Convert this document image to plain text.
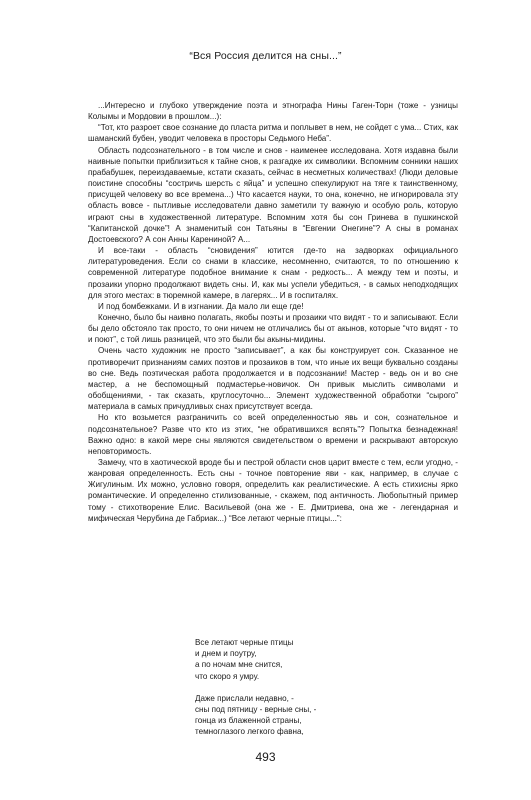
“Вся Россия делится на сны...”

...Интересно и глубоко утверждение поэта и этнографа Нины Гаген-Торн (тоже - узницы Колымы и Мордовии в прошлом...):

“Тот, кто разроет свое сознание до пласта ритма и поплывет в нем, не сойдет с ума... Стих, как шаманский бубен, уводит человека в просторы Седьмого Неба”.

Область подсознательного - в том числе и снов - наименее исследована. Хотя издавна были наивные попытки приблизиться к тайне снов, к разгадке их символики. Вспомним сонники наших прабабушек, переиздаваемые, кстати сказать, сейчас в несметных количествах! (Люди деловые поистине способны “состричь шерсть с яйца” и успешно спекулируют на тяге к таинственному, присущей человеку во все времена...) Что касается науки, то она, конечно, не игнорировала эту область вовсе - пытливые исследователи давно заметили ту важную и особую роль, которую играют сны в художественной литературе. Вспомним хотя бы сон Гринева в пушкинской “Капитанской дочке”! А знаменитый сон Татьяны в “Евгении Онегине”? А сны в романах Достоевского? А сон Анны Карениной? А...

И все-таки - область “сновидения” ютится где-то на задворках официального литературоведения. Если со снами в классике, несомненно, считаются, то по отношению к современной литературе подобное внимание к снам - редкость... А между тем и поэты, и прозаики упорно продолжают видеть сны. И, как мы успели убедиться, - в самых неподходящих для этого местах: в тюремной камере, в лагерях... И в госпиталях.

И под бомбежками. И в изгнании. Да мало ли еще где!

Конечно, было бы наивно полагать, якобы поэты и прозаики что видят - то и записывают. Если бы дело обстояло так просто, то они ничем не отличались бы от акынов, которые “что видят - то и поют”, с той лишь разницей, что это были бы акыны-мидины.

Очень часто художник не просто “записывает”, а как бы конструирует сон. Сказанное не противоречит признаниям самих поэтов и прозаиков в том, что иные их вещи буквально созданы во сне. Ведь поэтическая работа продолжается и в подсознании! Мастер - ведь он и во сне мастер, а не беспомощный подмастерье-новичок. Он привык мыслить символами и обобщениями, - так сказать, круглосуточно... Элемент художественной обработки “сырого” материала в самых причудливых снах присутствует всегда.

Но кто возьмется разграничить со всей определенностью явь и сон, сознательное и подсознательное? Разве что кто из этих, “не обратившихся вспять”? Попытка безнадежная! Важно одно: в какой мере сны являются свидетельством о времени и раскрывают авторскую неповторимость.

Замечу, что в хаотической вроде бы и пестрой области снов царит вместе с тем, если угодно, - жанровая определенность. Есть сны - точное повторение яви - как, например, в случае с Жигулиным. Их можно, условно говоря, определить как реалистические. А есть стихисны ярко романтические. И определенно стилизованные, - скажем, под античность. Любопытный пример тому - стихотворение Елис. Васильевой (она же - Е. Дмитриева, она же - легендарная и мифическая Черубина де Габриак...) “Все летают черные птицы...”:

Все летают черные птицы
и днем и поутру,
а по ночам мне снится,
что скоро я умру.
Даже прислали недавно, -
сны под пятницу - верные сны, -
гонца из блаженной страны,
темноглазого легкого фавна,
493
